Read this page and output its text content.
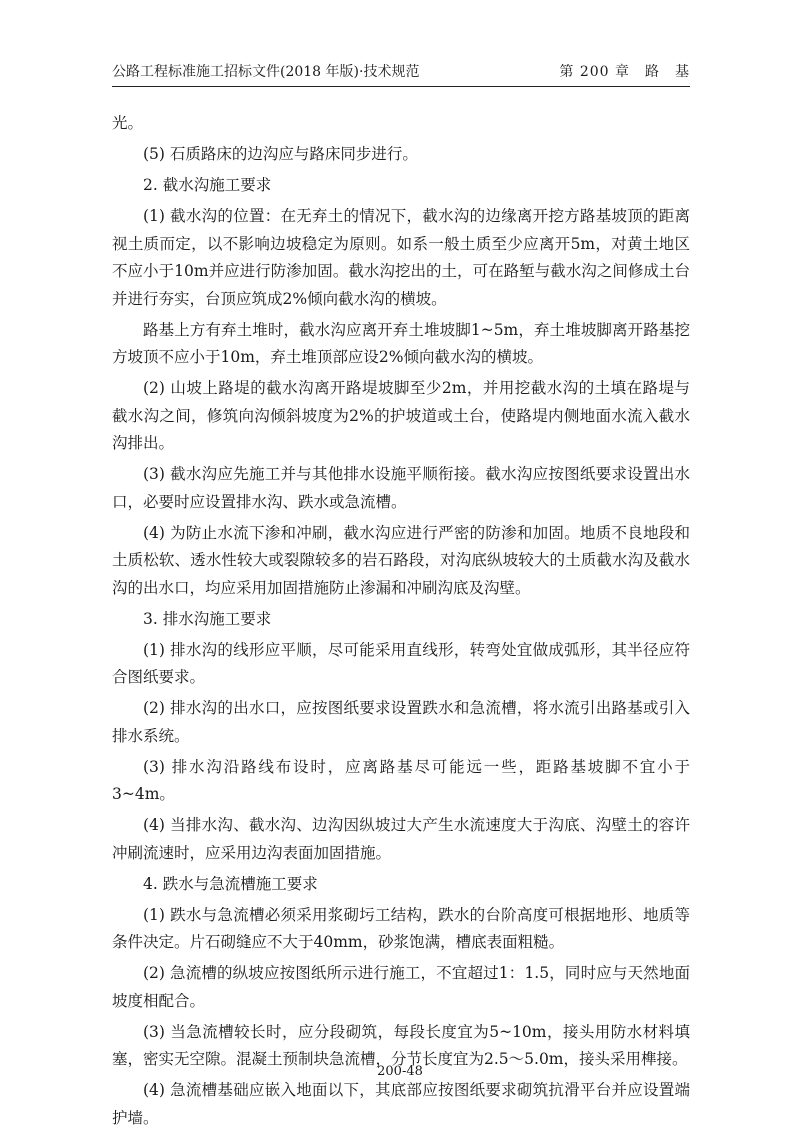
公路工程标准施工招标文件(2018 年版)·技术规范	第 200 章　路　基

光。

(5) 石质路床的边沟应与路床同步进行。

2. 截水沟施工要求

(1) 截水沟的位置：在无弃土的情况下，截水沟的边缘离开挖方路基坡顶的距离视土质而定，以不影响边坡稳定为原则。如系一般土质至少应离开5m，对黄土地区不应小于10m并应进行防渗加固。截水沟挖出的土，可在路堑与截水沟之间修成土台并进行夯实，台顶应筑成2%倾向截水沟的横坡。

路基上方有弃土堆时，截水沟应离开弃土堆坡脚1~5m，弃土堆坡脚离开路基挖方坡顶不应小于10m，弃土堆顶部应设2%倾向截水沟的横坡。

(2) 山坡上路堤的截水沟离开路堤坡脚至少2m，并用挖截水沟的土填在路堤与截水沟之间，修筑向沟倾斜坡度为2%的护坡道或土台，使路堤内侧地面水流入截水沟排出。

(3) 截水沟应先施工并与其他排水设施平顺衔接。截水沟应按图纸要求设置出水口，必要时应设置排水沟、跌水或急流槽。

(4) 为防止水流下渗和冲刷，截水沟应进行严密的防渗和加固。地质不良地段和土质松软、透水性较大或裂隙较多的岩石路段，对沟底纵坡较大的土质截水沟及截水沟的出水口，均应采用加固措施防止渗漏和冲刷沟底及沟壁。

3. 排水沟施工要求

(1) 排水沟的线形应平顺，尽可能采用直线形，转弯处宜做成弧形，其半径应符合图纸要求。

(2) 排水沟的出水口，应按图纸要求设置跌水和急流槽，将水流引出路基或引入排水系统。

(3) 排水沟沿路线布设时，应离路基尽可能远一些，距路基坡脚不宜小于3~4m。

(4) 当排水沟、截水沟、边沟因纵坡过大产生水流速度大于沟底、沟壁土的容许冲刷流速时，应采用边沟表面加固措施。

4. 跌水与急流槽施工要求

(1) 跌水与急流槽必须采用浆砌圬工结构，跌水的台阶高度可根据地形、地质等条件决定。片石砌缝应不大于40mm，砂浆饱满，槽底表面粗糙。

(2) 急流槽的纵坡应按图纸所示进行施工，不宜超过1：1.5，同时应与天然地面坡度相配合。

(3) 当急流槽较长时，应分段砌筑，每段长度宜为5~10m，接头用防水材料填塞，密实无空隙。混凝土预制块急流槽，分节长度宜为2.5～5.0m，接头采用榫接。

(4) 急流槽基础应嵌入地面以下，其底部应按图纸要求砌筑抗滑平台并应设置端护墙。

200-48
